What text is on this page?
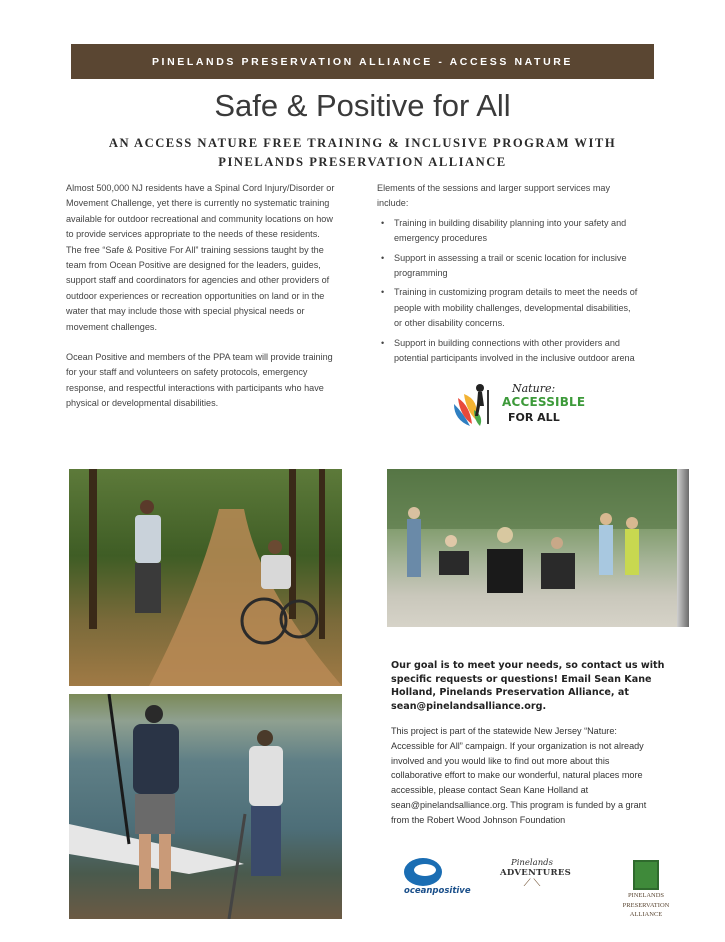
PINELANDS PRESERVATION ALLIANCE - ACCESS NATURE
Safe & Positive for All
AN ACCESS NATURE FREE TRAINING & INCLUSIVE PROGRAM WITH PINELANDS PRESERVATION ALLIANCE

Almost 500,000 NJ residents have a Spinal Cord Injury/Disorder or Movement Challenge, yet there is currently no systematic training available for outdoor recreational and community locations on how to provide services appropriate to the needs of these residents. The free “Safe & Positive For All” training sessions taught by the team from Ocean Positive are designed for the leaders, guides, support staff and coordinators for agencies and other providers of outdoor experiences or recreation opportunities on land or in the water that may include those with special physical needs or movement challenges.

Ocean Positive and members of the PPA team will provide training for your staff and volunteers on safety protocols, emergency response, and respectful interactions with participants who have physical or developmental disabilities.

Elements of the sessions and larger support services may include:

• Training in building disability planning into your safety and emergency procedures
• Support in assessing a trail or scenic location for inclusive programming
• Training in customizing program details to meet the needs of people with mobility challenges, developmental disabilities, or other disability concerns.
• Support in building connections with other providers and potential participants involved in the inclusive outdoor arena
Nature:
ACCESSIBLE
FOR ALL
Our goal is to meet your needs, so contact us with specific requests or questions! Email Sean Kane Holland, Pinelands Preservation Alliance, at sean@pinelandsalliance.org.
This project is part of the statewide New Jersey “Nature: Accessible for All” campaign. If your organization is not already involved and you would like to find out more about this collaborative effort to make our wonderful, natural places more accessible, please contact Sean Kane Holland at sean@pinelandsalliance.org. This program is funded by a grant from the Robert Wood Johnson Foundation
oceanpositive
Pinelands
ADVENTURES
⟋ ⟍
PINELANDS
PRESERVATION
ALLIANCE
